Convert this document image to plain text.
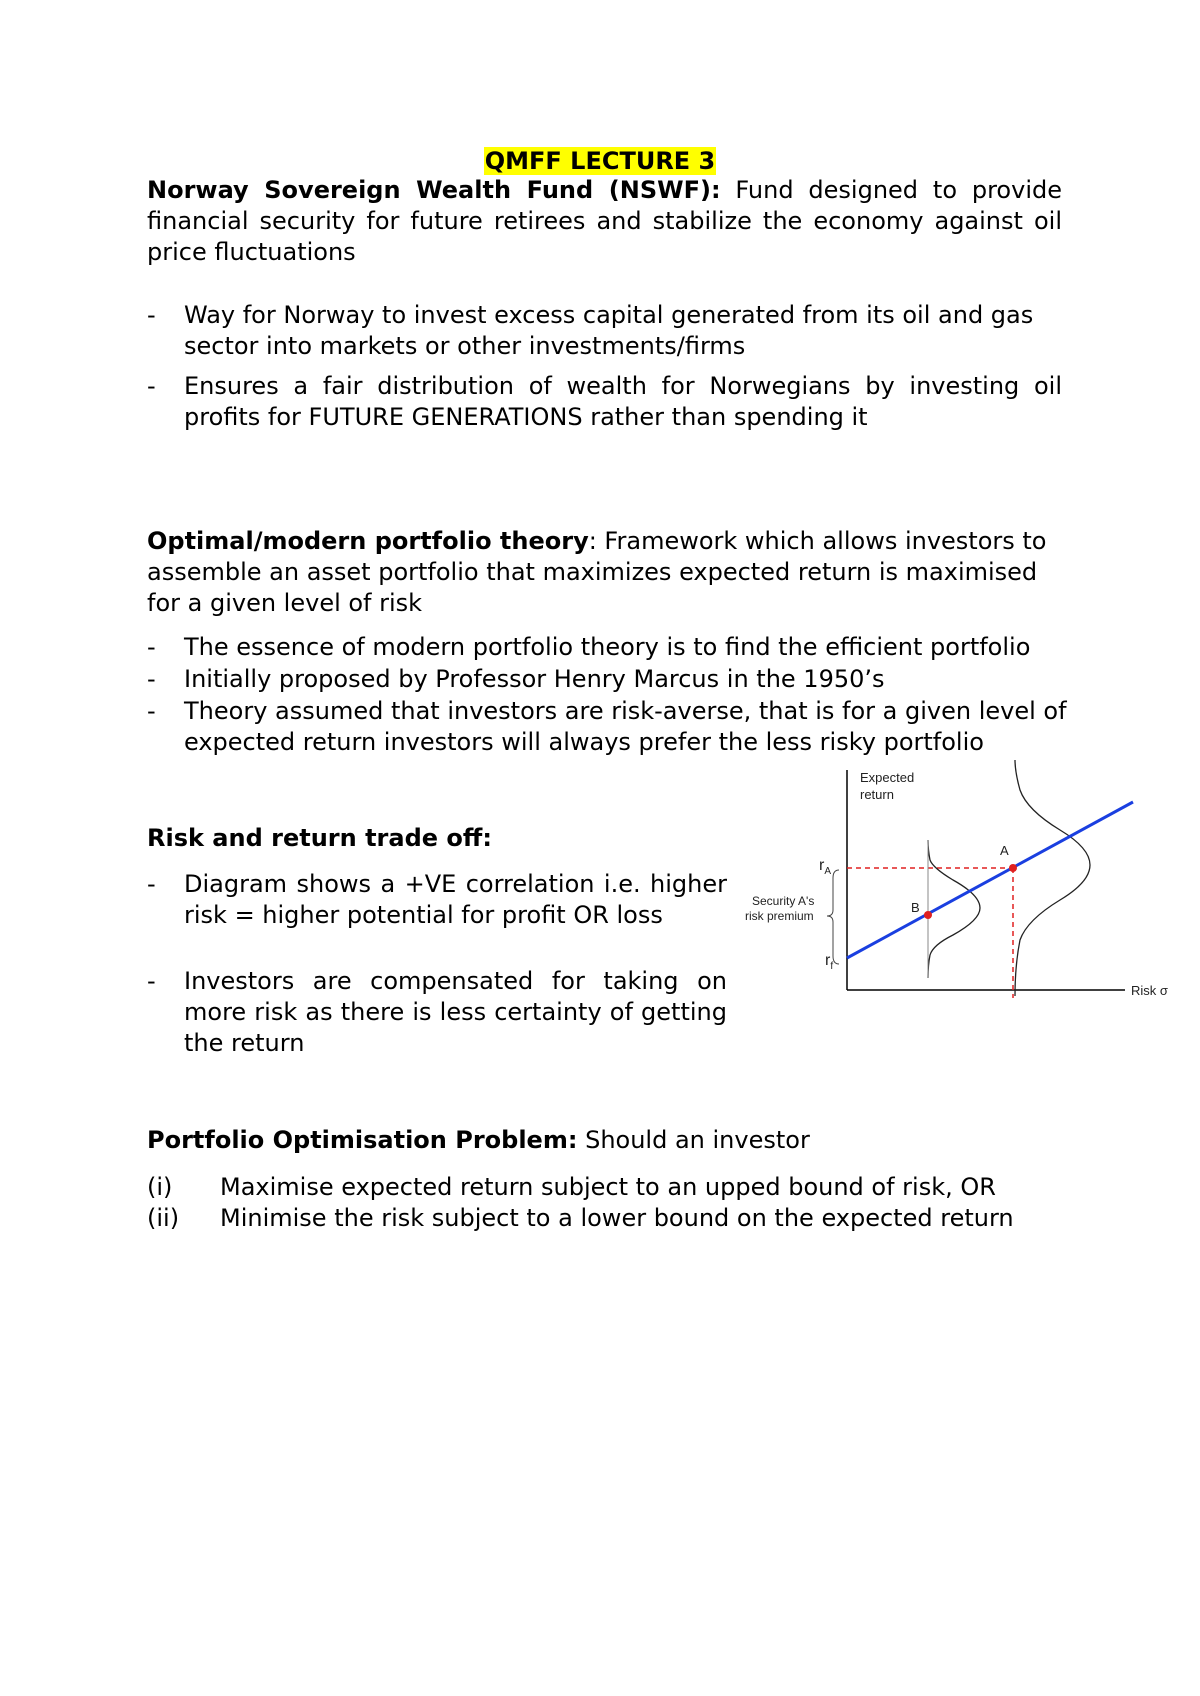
QMFF LECTURE 3
Norway Sovereign Wealth Fund (NSWF): Fund designed to provide financial security for future retirees and stabilize the economy against oil price fluctuations
- Way for Norway to invest excess capital generated from its oil and gas sector into markets or other investments/firms
- Ensures a fair distribution of wealth for Norwegians by investing oil profits for FUTURE GENERATIONS rather than spending it
Optimal/modern portfolio theory: Framework which allows investors to assemble an asset portfolio that maximizes expected return is maximised for a given level of risk
- The essence of modern portfolio theory is to find the efficient portfolio
- Initially proposed by Professor Henry Marcus in the 1950’s
- Theory assumed that investors are risk-averse, that is for a given level of expected return investors will always prefer the less risky portfolio
Risk and return trade off:
- Diagram shows a +VE correlation i.e. higher risk = higher potential for profit OR loss
- Investors are compensated for taking on more risk as there is less certainty of getting the return
Expected
return
Risk σ
$r_A$
$r_f$
Security A's
risk premium
A
B
Portfolio Optimisation Problem: Should an investor
(i) Maximise expected return subject to an upped bound of risk, OR
(ii) Minimise the risk subject to a lower bound on the expected return
